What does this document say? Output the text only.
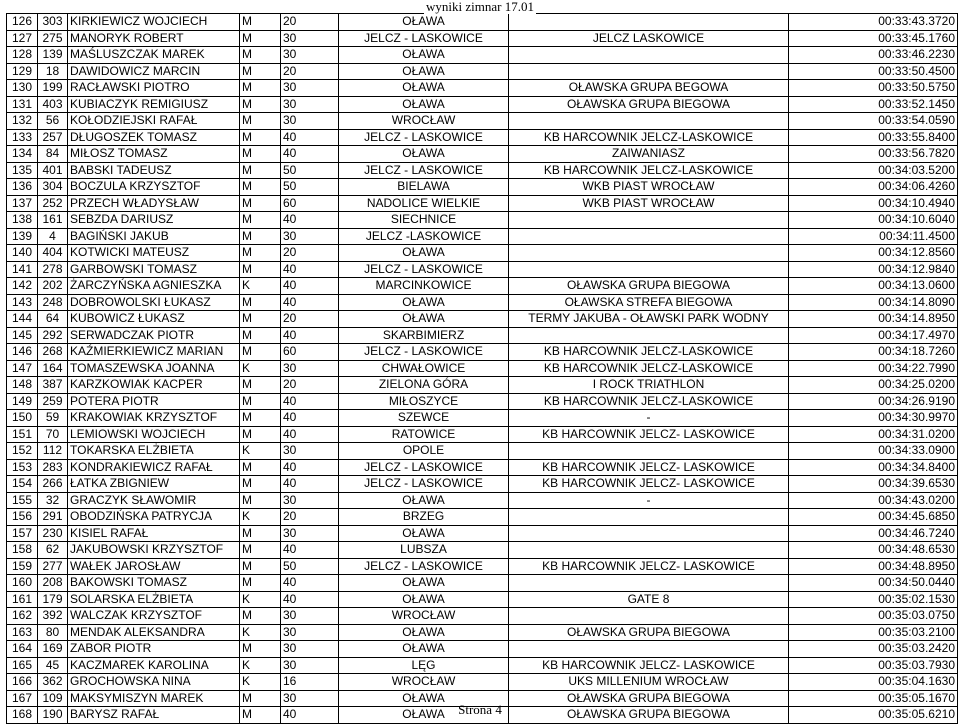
wyniki zimnar 17.01
126	303	KIRKIEWICZ WOJCIECH	M	20	OŁAWA		00:33:43.3720
127	275	MANORYK ROBERT	M	30	JELCZ - LASKOWICE	JELCZ LASKOWICE	00:33:45.1760
128	139	MAŚLUSZCZAK MAREK	M	30	OŁAWA		00:33:46.2230
129	18	DAWIDOWICZ MARCIN	M	20	OŁAWA		00:33:50.4500
130	199	RACŁAWSKI PIOTRO	M	30	OŁAWA	OŁAWSKA GRUPA BEGOWA	00:33:50.5750
131	403	KUBIACZYK REMIGIUSZ	M	30	OŁAWA	OŁAWSKA GRUPA BIEGOWA	00:33:52.1450
132	56	KOŁODZIEJSKI RAFAŁ	M	30	WROCŁAW		00:33:54.0590
133	257	DŁUGOSZEK TOMASZ	M	40	JELCZ - LASKOWICE	KB HARCOWNIK JELCZ-LASKOWICE	00:33:55.8400
134	84	MIŁOSZ TOMASZ	M	40	OŁAWA	ZAIWANIASZ	00:33:56.7820
135	401	BABSKI TADEUSZ	M	50	JELCZ - LASKOWICE	KB HARCOWNIK JELCZ-LASKOWICE	00:34:03.5200
136	304	BOCZULA KRZYSZTOF	M	50	BIELAWA	WKB PIAST WROCŁAW	00:34:06.4260
137	252	PRZECH WŁADYSŁAW	M	60	NADOLICE WIELKIE	WKB PIAST WROCŁAW	00:34:10.4940
138	161	SEBZDA DARIUSZ	M	40	SIECHNICE		00:34:10.6040
139	4	BAGIŃSKI JAKUB	M	30	JELCZ -LASKOWICE		00:34:11.4500
140	404	KOTWICKI MATEUSZ	M	20	OŁAWA		00:34:12.8560
141	278	GARBOWSKI TOMASZ	M	40	JELCZ - LASKOWICE		00:34:12.9840
142	202	ŻARCZYŃSKA AGNIESZKA	K	40	MARCINKOWICE	OŁAWSKA GRUPA BIEGOWA	00:34:13.0600
143	248	DOBROWOLSKI ŁUKASZ	M	40	OŁAWA	OŁAWSKA STREFA BIEGOWA	00:34:14.8090
144	64	KUBOWICZ ŁUKASZ	M	20	OŁAWA	TERMY JAKUBA - OŁAWSKI PARK WODNY	00:34:14.8950
145	292	SERWADCZAK PIOTR	M	40	SKARBIMIERZ		00:34:17.4970
146	268	KAŹMIERKIEWICZ MARIAN	M	60	JELCZ - LASKOWICE	KB HARCOWNIK JELCZ-LASKOWICE	00:34:18.7260
147	164	TOMASZEWSKA JOANNA	K	30	CHWAŁOWICE	KB HARCOWNIK JELCZ-LASKOWICE	00:34:22.7990
148	387	KARZKOWIAK KACPER	M	20	ZIELONA GÓRA	I ROCK TRIATHLON	00:34:25.0200
149	259	POTERA PIOTR	M	40	MIŁOSZYCE	KB HARCOWNIK JELCZ-LASKOWICE	00:34:26.9190
150	59	KRAKOWIAK KRZYSZTOF	M	40	SZEWCE	-	00:34:30.9970
151	70	LEMIOWSKI WOJCIECH	M	40	RATOWICE	KB HARCOWNIK JELCZ- LASKOWICE	00:34:31.0200
152	112	TOKARSKA ELŻBIETA	K	30	OPOLE		00:34:33.0900
153	283	KONDRAKIEWICZ RAFAŁ	M	40	JELCZ - LASKOWICE	KB HARCOWNIK JELCZ- LASKOWICE	00:34:34.8400
154	266	ŁATKA ZBIGNIEW	M	40	JELCZ - LASKOWICE	KB HARCOWNIK JELCZ- LASKOWICE	00:34:39.6530
155	32	GRACZYK SŁAWOMIR	M	30	OŁAWA	-	00:34:43.0200
156	291	OBODZIŃSKA PATRYCJA	K	20	BRZEG		00:34:45.6850
157	230	KISIEL RAFAŁ	M	30	OŁAWA		00:34:46.7240
158	62	JAKUBOWSKI KRZYSZTOF	M	40	LUBSZA		00:34:48.6530
159	277	WAŁEK JAROSŁAW	M	50	JELCZ - LASKOWICE	KB HARCOWNIK JELCZ- LASKOWICE	00:34:48.8950
160	208	BAKOWSKI TOMASZ	M	40	OŁAWA		00:34:50.0440
161	179	SOLARSKA ELŻBIETA	K	40	OŁAWA	GATE 8	00:35:02.1530
162	392	WALCZAK KRZYSZTOF	M	30	WROCŁAW		00:35:03.0750
163	80	MENDAK ALEKSANDRA	K	30	OŁAWA	OŁAWSKA GRUPA BIEGOWA	00:35:03.2100
164	169	ZABOR PIOTR	M	30	OŁAWA		00:35:03.2420
165	45	KACZMAREK KAROLINA	K	30	LĘG	KB HARCOWNIK JELCZ- LASKOWICE	00:35:03.7930
166	362	GROCHOWSKA NINA	K	16	WROCŁAW	UKS MILLENIUM WROCŁAW	00:35:04.1630
167	109	MAKSYMISZYN MAREK	M	30	OŁAWA	OŁAWSKA GRUPA BIEGOWA	00:35:05.1670
168	190	BARYSZ RAFAŁ	M	40	OŁAWA	OŁAWSKA GRUPA BIEGOWA	00:35:05.6210
Strona 4
